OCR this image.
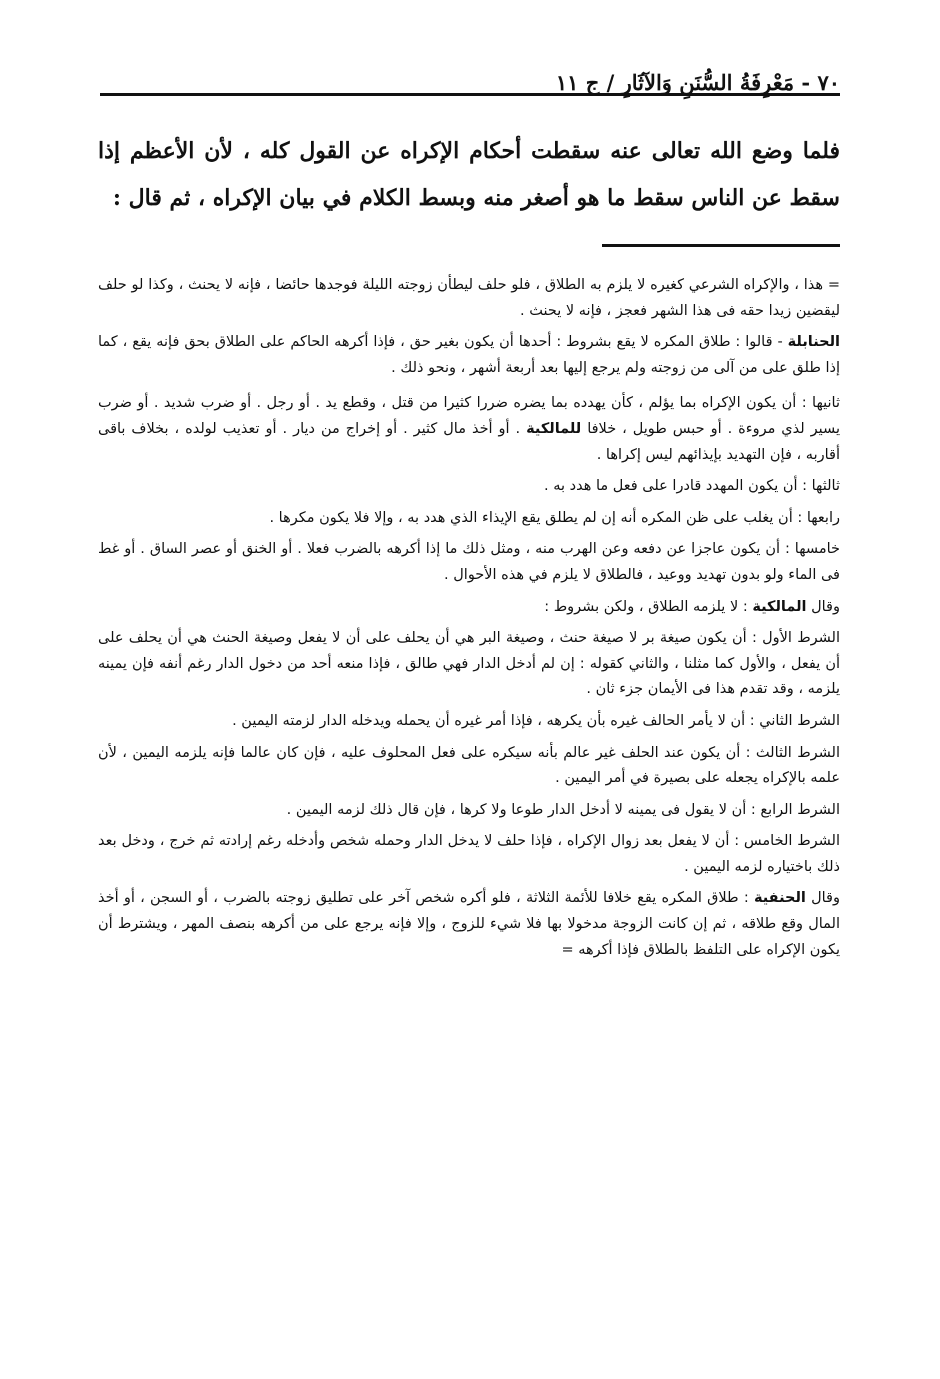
٧٠ - مَعْرِفَةُ السُّنَنِ وَالآثَارِ / ج ١١

فلما وضع الله تعالى عنه سقطت أحكام الإكراه عن القول كله ، لأن الأعظم إذا سقط عن الناس سقط ما هو أصغر منه وبسط الكلام في بيان الإكراه ، ثم قال :

= هذا ، والإكراه الشرعي كغيره لا يلزم به الطلاق ، فلو حلف ليطأن زوجته الليلة فوجدها حائضا ، فإنه لا يحنث ، وكذا لو حلف ليقضين زيدا حقه فى هذا الشهر فعجز ، فإنه لا يحنث .

الحنابلة - قالوا : طلاق المكره لا يقع بشروط : أحدها أن يكون بغير حق ، فإذا أكرهه الحاكم على الطلاق بحق فإنه يقع ، كما إذا طلق على من آلى من زوجته ولم يرجع إليها بعد أربعة أشهر ، ونحو ذلك .

ثانيها : أن يكون الإكراه بما يؤلم ، كأن يهدده بما يضره ضررا كثيرا من قتل ، وقطع يد . أو رجل . أو ضرب شديد . أو ضرب يسير لذي مروءة . أو حبس طويل ، خلافا للمالكية . أو أخذ مال كثير . أو إخراج من ديار . أو تعذيب لولده ، بخلاف باقى أقاربه ، فإن التهديد بإيذائهم ليس إكراها .

ثالثها : أن يكون المهدد قادرا على فعل ما هدد به .

رابعها : أن يغلب على ظن المكره أنه إن لم يطلق يقع الإيذاء الذي هدد به ، وإلا فلا يكون مكرها .

خامسها : أن يكون عاجزا عن دفعه وعن الهرب منه ، ومثل ذلك ما إذا أكرهه بالضرب فعلا . أو الخنق أو عصر الساق . أو غط فى الماء ولو بدون تهديد ووعيد ، فالطلاق لا يلزم في هذه الأحوال .

وقال المالكية : لا يلزمه الطلاق ، ولكن بشروط :

الشرط الأول : أن يكون صيغة بر لا صيغة حنث ، وصيغة البر هي أن يحلف على أن لا يفعل وصيغة الحنث هي أن يحلف على أن يفعل ، والأول كما مثلنا ، والثاني كقوله : إن لم أدخل الدار فهي طالق ، فإذا منعه أحد من دخول الدار رغم أنفه فإن يمينه يلزمه ، وقد تقدم هذا فى الأيمان جزء ثان .

الشرط الثاني : أن لا يأمر الحالف غيره بأن يكرهه ، فإذا أمر غيره أن يحمله ويدخله الدار لزمته اليمين .

الشرط الثالث : أن يكون عند الحلف غير عالم بأنه سيكره على فعل المحلوف عليه ، فإن كان عالما فإنه يلزمه اليمين ، لأن علمه بالإكراه يجعله على بصيرة في أمر اليمين .

الشرط الرابع : أن لا يقول فى يمينه لا أدخل الدار طوعا ولا كرها ، فإن قال ذلك لزمه اليمين .

الشرط الخامس : أن لا يفعل بعد زوال الإكراه ، فإذا حلف لا يدخل الدار وحمله شخص وأدخله رغم إرادته ثم خرج ، ودخل بعد ذلك باختياره لزمه اليمين .

وقال الحنفية : طلاق المكره يقع خلافا للأئمة الثلاثة ، فلو أكره شخص آخر على تطليق زوجته بالضرب ، أو السجن ، أو أخذ المال وقع طلاقه ، ثم إن كانت الزوجة مدخولا بها فلا شيء للزوج ، وإلا فإنه يرجع على من أكرهه بنصف المهر ، ويشترط أن يكون الإكراه على التلفظ بالطلاق فإذا أكرهه =
